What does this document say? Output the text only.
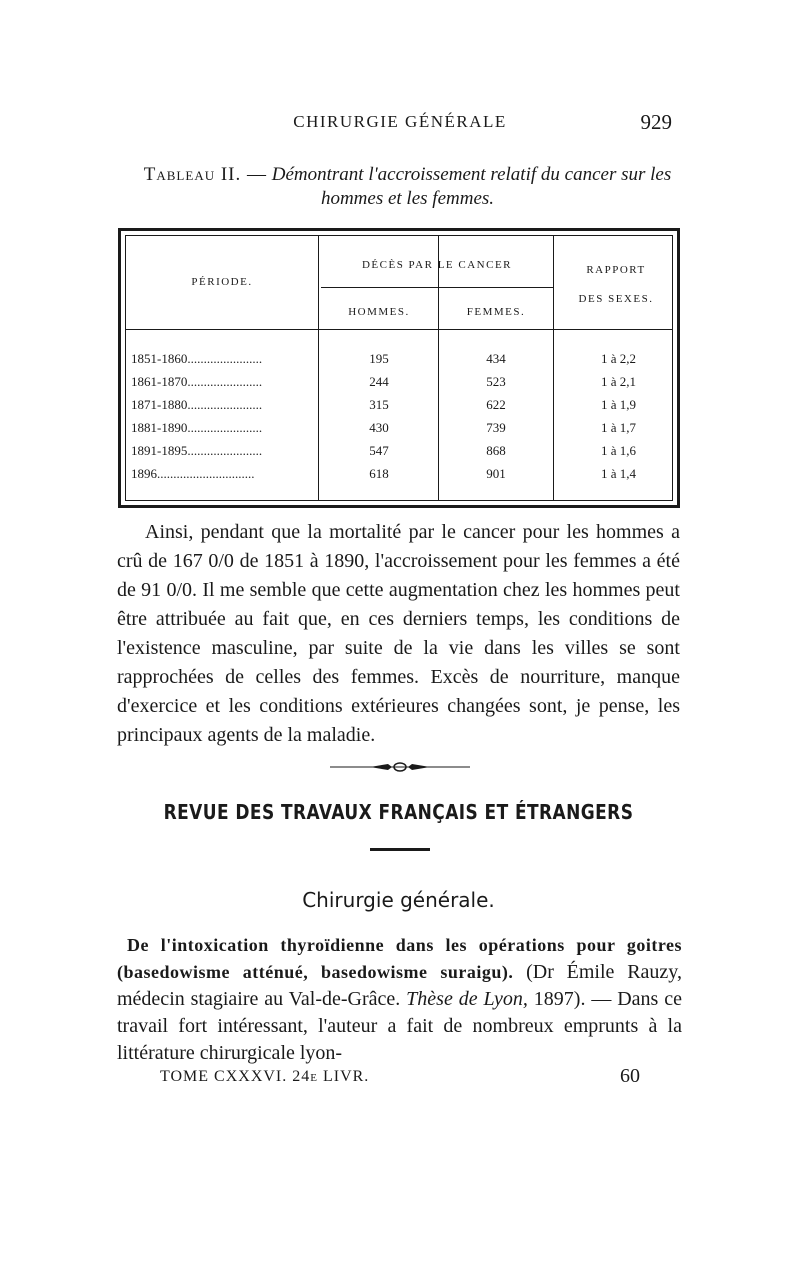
CHIRURGIE GÉNÉRALE	929
Tableau II. — Démontrant l'accroissement relatif du cancer sur les hommes et les femmes.
PÉRIODE.
DÉCÈS PAR LE CANCER
HOMMES.	FEMMES.
RAPPORT
DES SEXES.
1851-1860.......................	195	434	1 à 2,2
1861-1870.......................	244	523	1 à 2,1
1871-1880.......................	315	622	1 à 1,9
1881-1890.......................	430	739	1 à 1,7
1891-1895.......................	547	868	1 à 1,6
1896..............................	618	901	1 à 1,4

Ainsi, pendant que la mortalité par le cancer pour les hommes a crû de 167 0/0 de 1851 à 1890, l'accroissement pour les femmes a été de 91 0/0. Il me semble que cette augmentation chez les hommes peut être attribuée au fait que, en ces derniers temps, les conditions de l'existence masculine, par suite de la vie dans les villes se sont rapprochées de celles des femmes. Excès de nourriture, manque d'exercice et les conditions extérieures changées sont, je pense, les principaux agents de la maladie.

REVUE DES TRAVAUX FRANÇAIS ET ÉTRANGERS
Chirurgie générale.

De l'intoxication thyroïdienne dans les opérations pour goitres (basedowisme atténué, basedowisme suraigu). (Dr Émile Rauzy, médecin stagiaire au Val-de-Grâce. Thèse de Lyon, 1897). — Dans ce travail fort intéressant, l'auteur a fait de nombreux emprunts à la littérature chirurgicale lyon-

TOME CXXXVI. 24e LIVR.	60
